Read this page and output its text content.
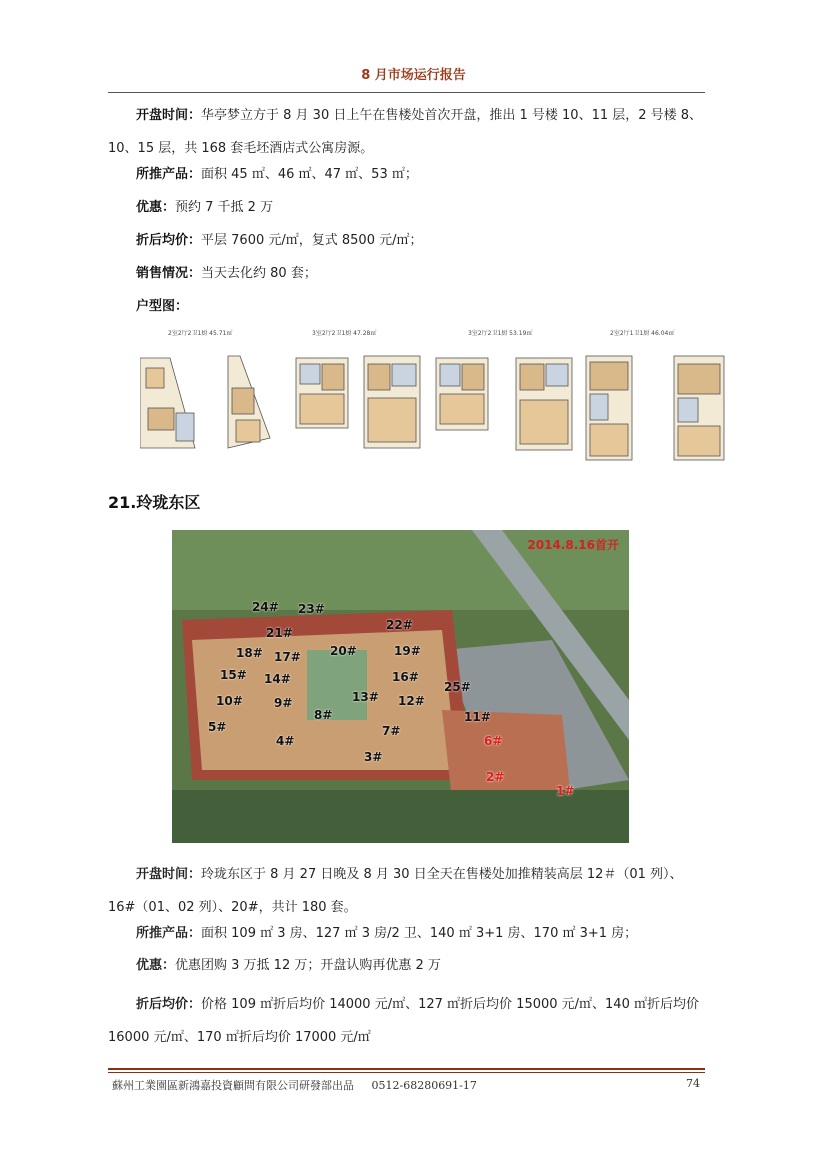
8 月市场运行报告
开盘时间：华亭梦立方于 8 月 30 日上午在售楼处首次开盘，推出 1 号楼 10、11 层，2 号楼 8、10、15 层，共 168 套毛坯酒店式公寓房源。
所推产品：面积 45 ㎡、46 ㎡、47 ㎡、53 ㎡；
优惠：预约 7 千抵 2 万
折后均价：平层 7600 元/㎡，复式 8500 元/㎡；
销售情况：当天去化约 80 套；
户型图：
2室2厅2卫1厨 45.71㎡	3室2厅2卫1厨 47.28㎡	3室2厅2卫1厨 53.19㎡	2室2厅1卫1厨 46.04㎡
21.玲珑东区
2014.8.16首开
24# 23#
22#
21#
20#	19#
18# 17#
16#
15# 14#
13# 12#
11#
10#	9#
8#
7#
5#
4#
3#
25#
6#
2#
1#
开盘时间：玲珑东区于 8 月 27 日晚及 8 月 30 日全天在售楼处加推精装高层 12＃（01 列）、16#（01、02 列）、20#，共计 180 套。
所推产品：面积 109 ㎡ 3 房、127 ㎡ 3 房/2 卫、140 ㎡ 3+1 房、170 ㎡ 3+1 房；
优惠：优惠团购 3 万抵 12 万；开盘认购再优惠 2 万
折后均价：价格 109 ㎡折后均价 14000 元/㎡、127 ㎡折后均价 15000 元/㎡、140 ㎡折后均价 16000 元/㎡、170 ㎡折后均价 17000 元/㎡
蘇州工業園區新鴻嘉投資顧問有限公司研發部出品 0512-68280691-17	74
